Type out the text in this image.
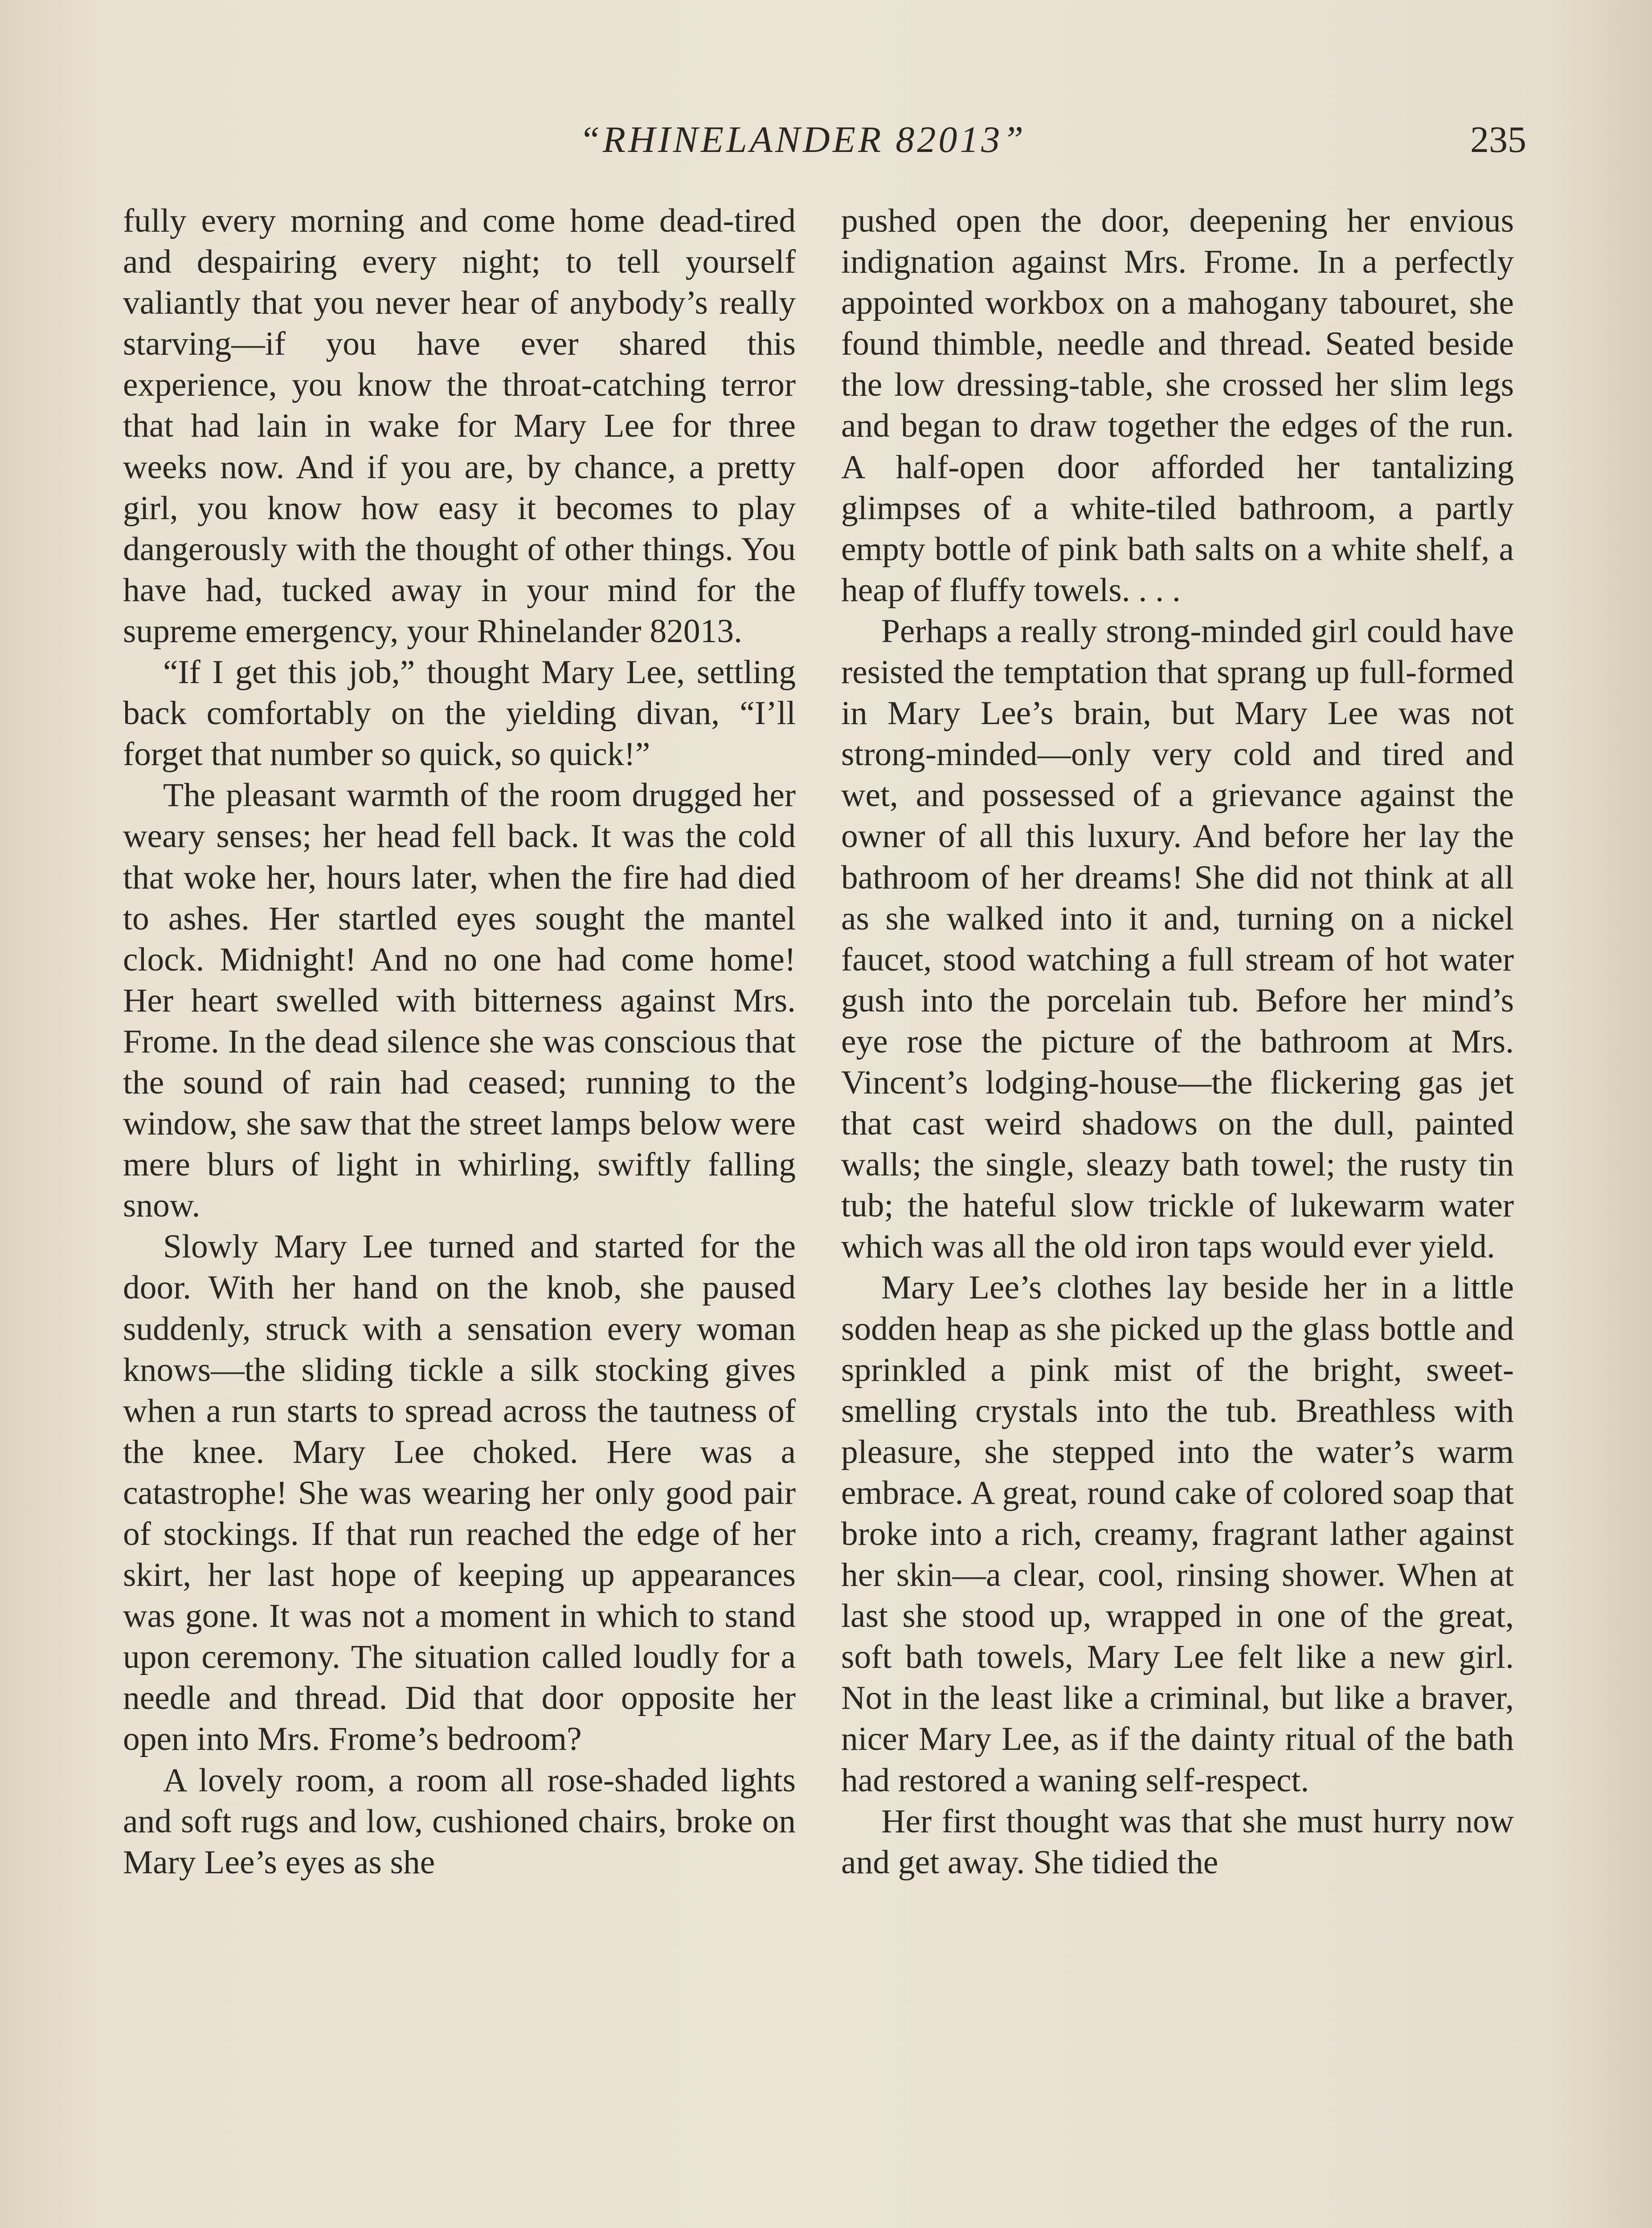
“RHINELANDER 82013”	235

fully every morning and come home dead-tired and despairing every night; to tell yourself valiantly that you never hear of anybody’s really starving—if you have ever shared this experience, you know the throat-catching terror that had lain in wake for Mary Lee for three weeks now. And if you are, by chance, a pretty girl, you know how easy it becomes to play dangerously with the thought of other things. You have had, tucked away in your mind for the supreme emergency, your Rhinelander 82013.

“If I get this job,” thought Mary Lee, settling back comfortably on the yielding divan, “I’ll forget that number so quick, so quick!”

The pleasant warmth of the room drugged her weary senses; her head fell back. It was the cold that woke her, hours later, when the fire had died to ashes. Her startled eyes sought the mantel clock. Midnight! And no one had come home! Her heart swelled with bitterness against Mrs. Frome. In the dead silence she was conscious that the sound of rain had ceased; running to the window, she saw that the street lamps below were mere blurs of light in whirling, swiftly falling snow.

Slowly Mary Lee turned and started for the door. With her hand on the knob, she paused suddenly, struck with a sensation every woman knows—the sliding tickle a silk stocking gives when a run starts to spread across the tautness of the knee. Mary Lee choked. Here was a catastrophe! She was wearing her only good pair of stockings. If that run reached the edge of her skirt, her last hope of keeping up appearances was gone. It was not a moment in which to stand upon ceremony. The situation called loudly for a needle and thread. Did that door opposite her open into Mrs. Frome’s bedroom?

A lovely room, a room all rose-shaded lights and soft rugs and low, cushioned chairs, broke on Mary Lee’s eyes as she

pushed open the door, deepening her envious indignation against Mrs. Frome. In a perfectly appointed workbox on a mahogany tabouret, she found thimble, needle and thread. Seated beside the low dressing-table, she crossed her slim legs and began to draw together the edges of the run. A half-open door afforded her tantalizing glimpses of a white-tiled bathroom, a partly empty bottle of pink bath salts on a white shelf, a heap of fluffy towels. . . .

Perhaps a really strong-minded girl could have resisted the temptation that sprang up full-formed in Mary Lee’s brain, but Mary Lee was not strong-minded—only very cold and tired and wet, and possessed of a grievance against the owner of all this luxury. And before her lay the bathroom of her dreams! She did not think at all as she walked into it and, turning on a nickel faucet, stood watching a full stream of hot water gush into the porcelain tub. Before her mind’s eye rose the picture of the bathroom at Mrs. Vincent’s lodging-house—the flickering gas jet that cast weird shadows on the dull, painted walls; the single, sleazy bath towel; the rusty tin tub; the hateful slow trickle of lukewarm water which was all the old iron taps would ever yield.

Mary Lee’s clothes lay beside her in a little sodden heap as she picked up the glass bottle and sprinkled a pink mist of the bright, sweet-smelling crystals into the tub. Breathless with pleasure, she stepped into the water’s warm embrace. A great, round cake of colored soap that broke into a rich, creamy, fragrant lather against her skin—a clear, cool, rinsing shower. When at last she stood up, wrapped in one of the great, soft bath towels, Mary Lee felt like a new girl. Not in the least like a criminal, but like a braver, nicer Mary Lee, as if the dainty ritual of the bath had restored a waning self-respect.

Her first thought was that she must hurry now and get away. She tidied the
